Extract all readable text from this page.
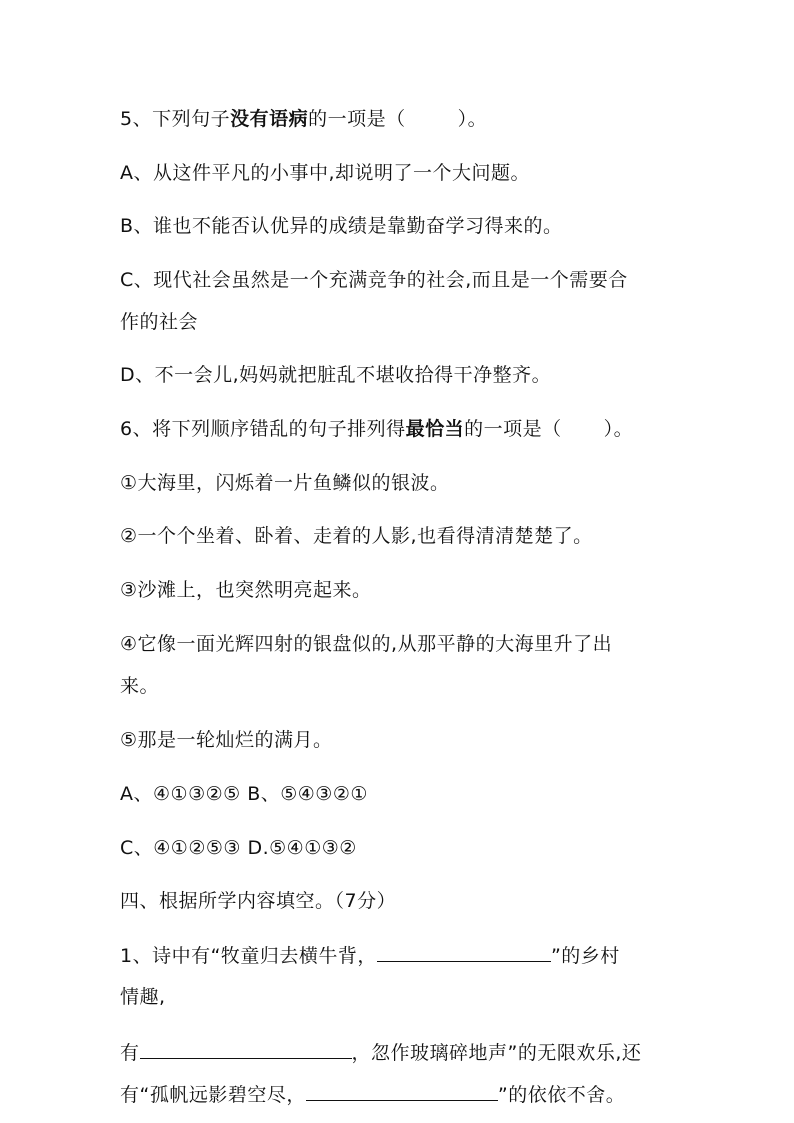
5、下列句子没有语病的一项是（	）。
A、从这件平凡的小事中,却说明了一个大问题。
B、谁也不能否认优异的成绩是靠勤奋学习得来的。
C、现代社会虽然是一个充满竞争的社会,而且是一个需要合
作的社会
D、不一会儿,妈妈就把脏乱不堪收拾得干净整齐。
6、将下列顺序错乱的句子排列得最恰当的一项是（ ）。
①大海里，闪烁着一片鱼鳞似的银波。
②一个个坐着、卧着、走着的人影,也看得清清楚楚了。
③沙滩上，也突然明亮起来。
④它像一面光辉四射的银盘似的,从那平静的大海里升了出
来。
⑤那是一轮灿烂的满月。
A、④①③②⑤ B、⑤④③②①
C、④①②⑤③ D.⑤④①③②
四、根据所学内容填空。（7分）
1、诗中有“牧童归去横牛背，	”的乡村
情趣,
有	，忽作玻璃碎地声”的无限欢乐,还
有“孤帆远影碧空尽，	”的依依不舍。
